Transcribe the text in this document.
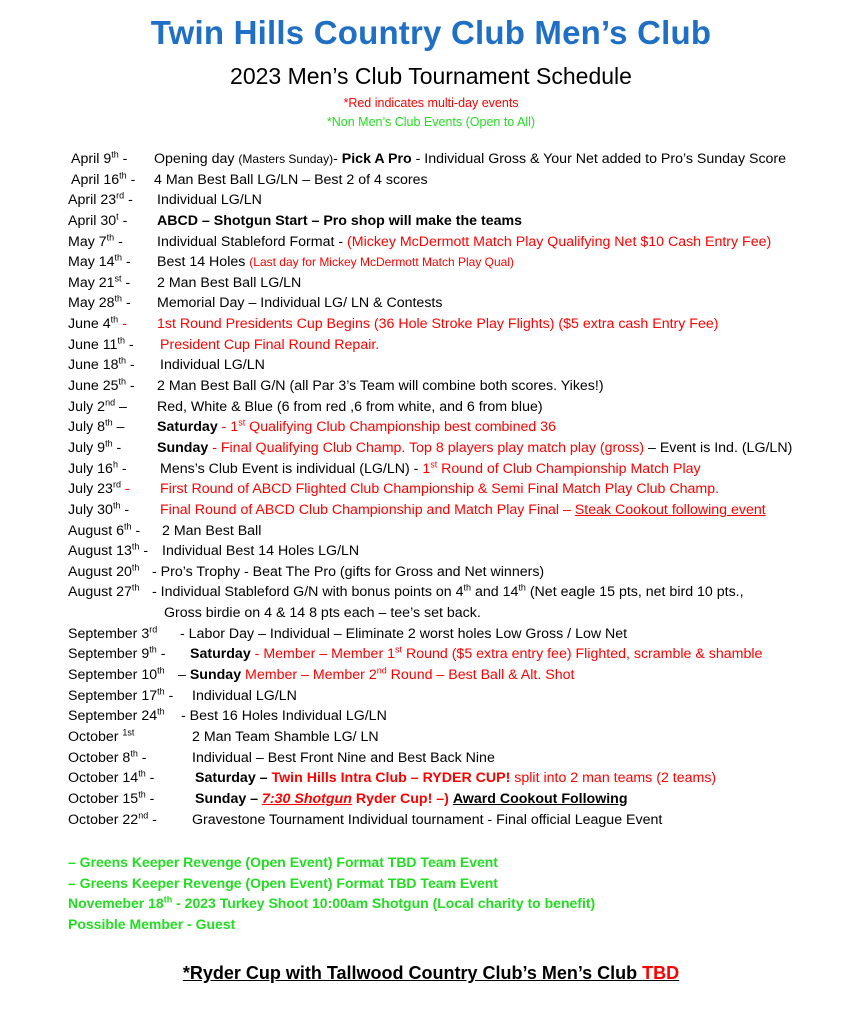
Twin Hills Country Club Men’s Club
2023 Men’s Club Tournament Schedule
*Red indicates multi-day events
*Non Men’s Club Events (Open to All)
April 9th - Opening day (Masters Sunday)- Pick A Pro - Individual Gross & Your Net added to Pro’s Sunday Score
April 16th - 4 Man Best Ball LG/LN – Best 2 of 4 scores
April 23rd - Individual LG/LN
April 30$^t$ - ABCD – Shotgun Start – Pro shop will make the teams
May 7th - Individual Stableford Format - (Mickey McDermott Match Play Qualifying Net $10 Cash Entry Fee)
May 14th - Best 14 Holes (Last day for Mickey McDermott Match Play Qual)
May 21st - 2 Man Best Ball LG/LN
May 28th - Memorial Day – Individual LG/ LN & Contests
June 4th - 1st Round Presidents Cup Begins (36 Hole Stroke Play Flights) ($5 extra cash Entry Fee)
June 11th - President Cup Final Round Repair.
June 18th - Individual LG/LN
June 25th - 2 Man Best Ball G/N (all Par 3’s Team will combine both scores. Yikes!)
July 2nd – Red, White & Blue (6 from red ,6 from white, and 6 from blue)
July 8th – Saturday - 1st Qualifying Club Championship best combined 36
July 9th -	Sunday - Final Qualifying Club Champ. Top 8 players play match play (gross) – Event is Ind. (LG/LN)
July 16$^h$ - Mens’s Club Event is individual (LG/LN) - 1st Round of Club Championship Match Play
July 23rd - First Round of ABCD Flighted Club Championship & Semi Final Match Play Club Champ.
July 30th - Final Round of ABCD Club Championship and Match Play Final – Steak Cookout following event
August 6th - 2 Man Best Ball
August 13th - Individual Best 14 Holes LG/LN
August 20th - Pro’s Trophy - Beat The Pro (gifts for Gross and Net winners)
August 27th - Individual Stableford G/N with bonus points on 4th and 14th (Net eagle 15 pts, net bird 10 pts.,
Gross birdie on 4 & 14 8 pts each – tee’s set back.
September 3rd - Labor Day – Individual – Eliminate 2 worst holes Low Gross / Low Net
September 9th - Saturday - Member – Member 1st Round ($5 extra entry fee) Flighted, scramble & shamble
September 10th – Sunday Member – Member 2nd Round – Best Ball & Alt. Shot
September 17th - Individual LG/LN
September 24th - Best 16 Holes Individual LG/LN
October $^{1st}$	2 Man Team Shamble LG/ LN
October 8th -	Individual – Best Front Nine and Best Back Nine
October 14th -	Saturday – Twin Hills Intra Club – RYDER CUP! split into 2 man teams (2 teams)
October 15th -	Sunday – 7:30 Shotgun Ryder Cup! –) Award Cookout Following
October 22nd - Gravestone Tournament Individual tournament - Final official League Event
– Greens Keeper Revenge (Open Event) Format TBD Team Event
– Greens Keeper Revenge (Open Event) Format TBD Team Event
Novemeber 18th - 2023 Turkey Shoot 10:00am Shotgun (Local charity to benefit)
Possible Member - Guest
*Ryder Cup with Tallwood Country Club’s Men’s Club TBD
